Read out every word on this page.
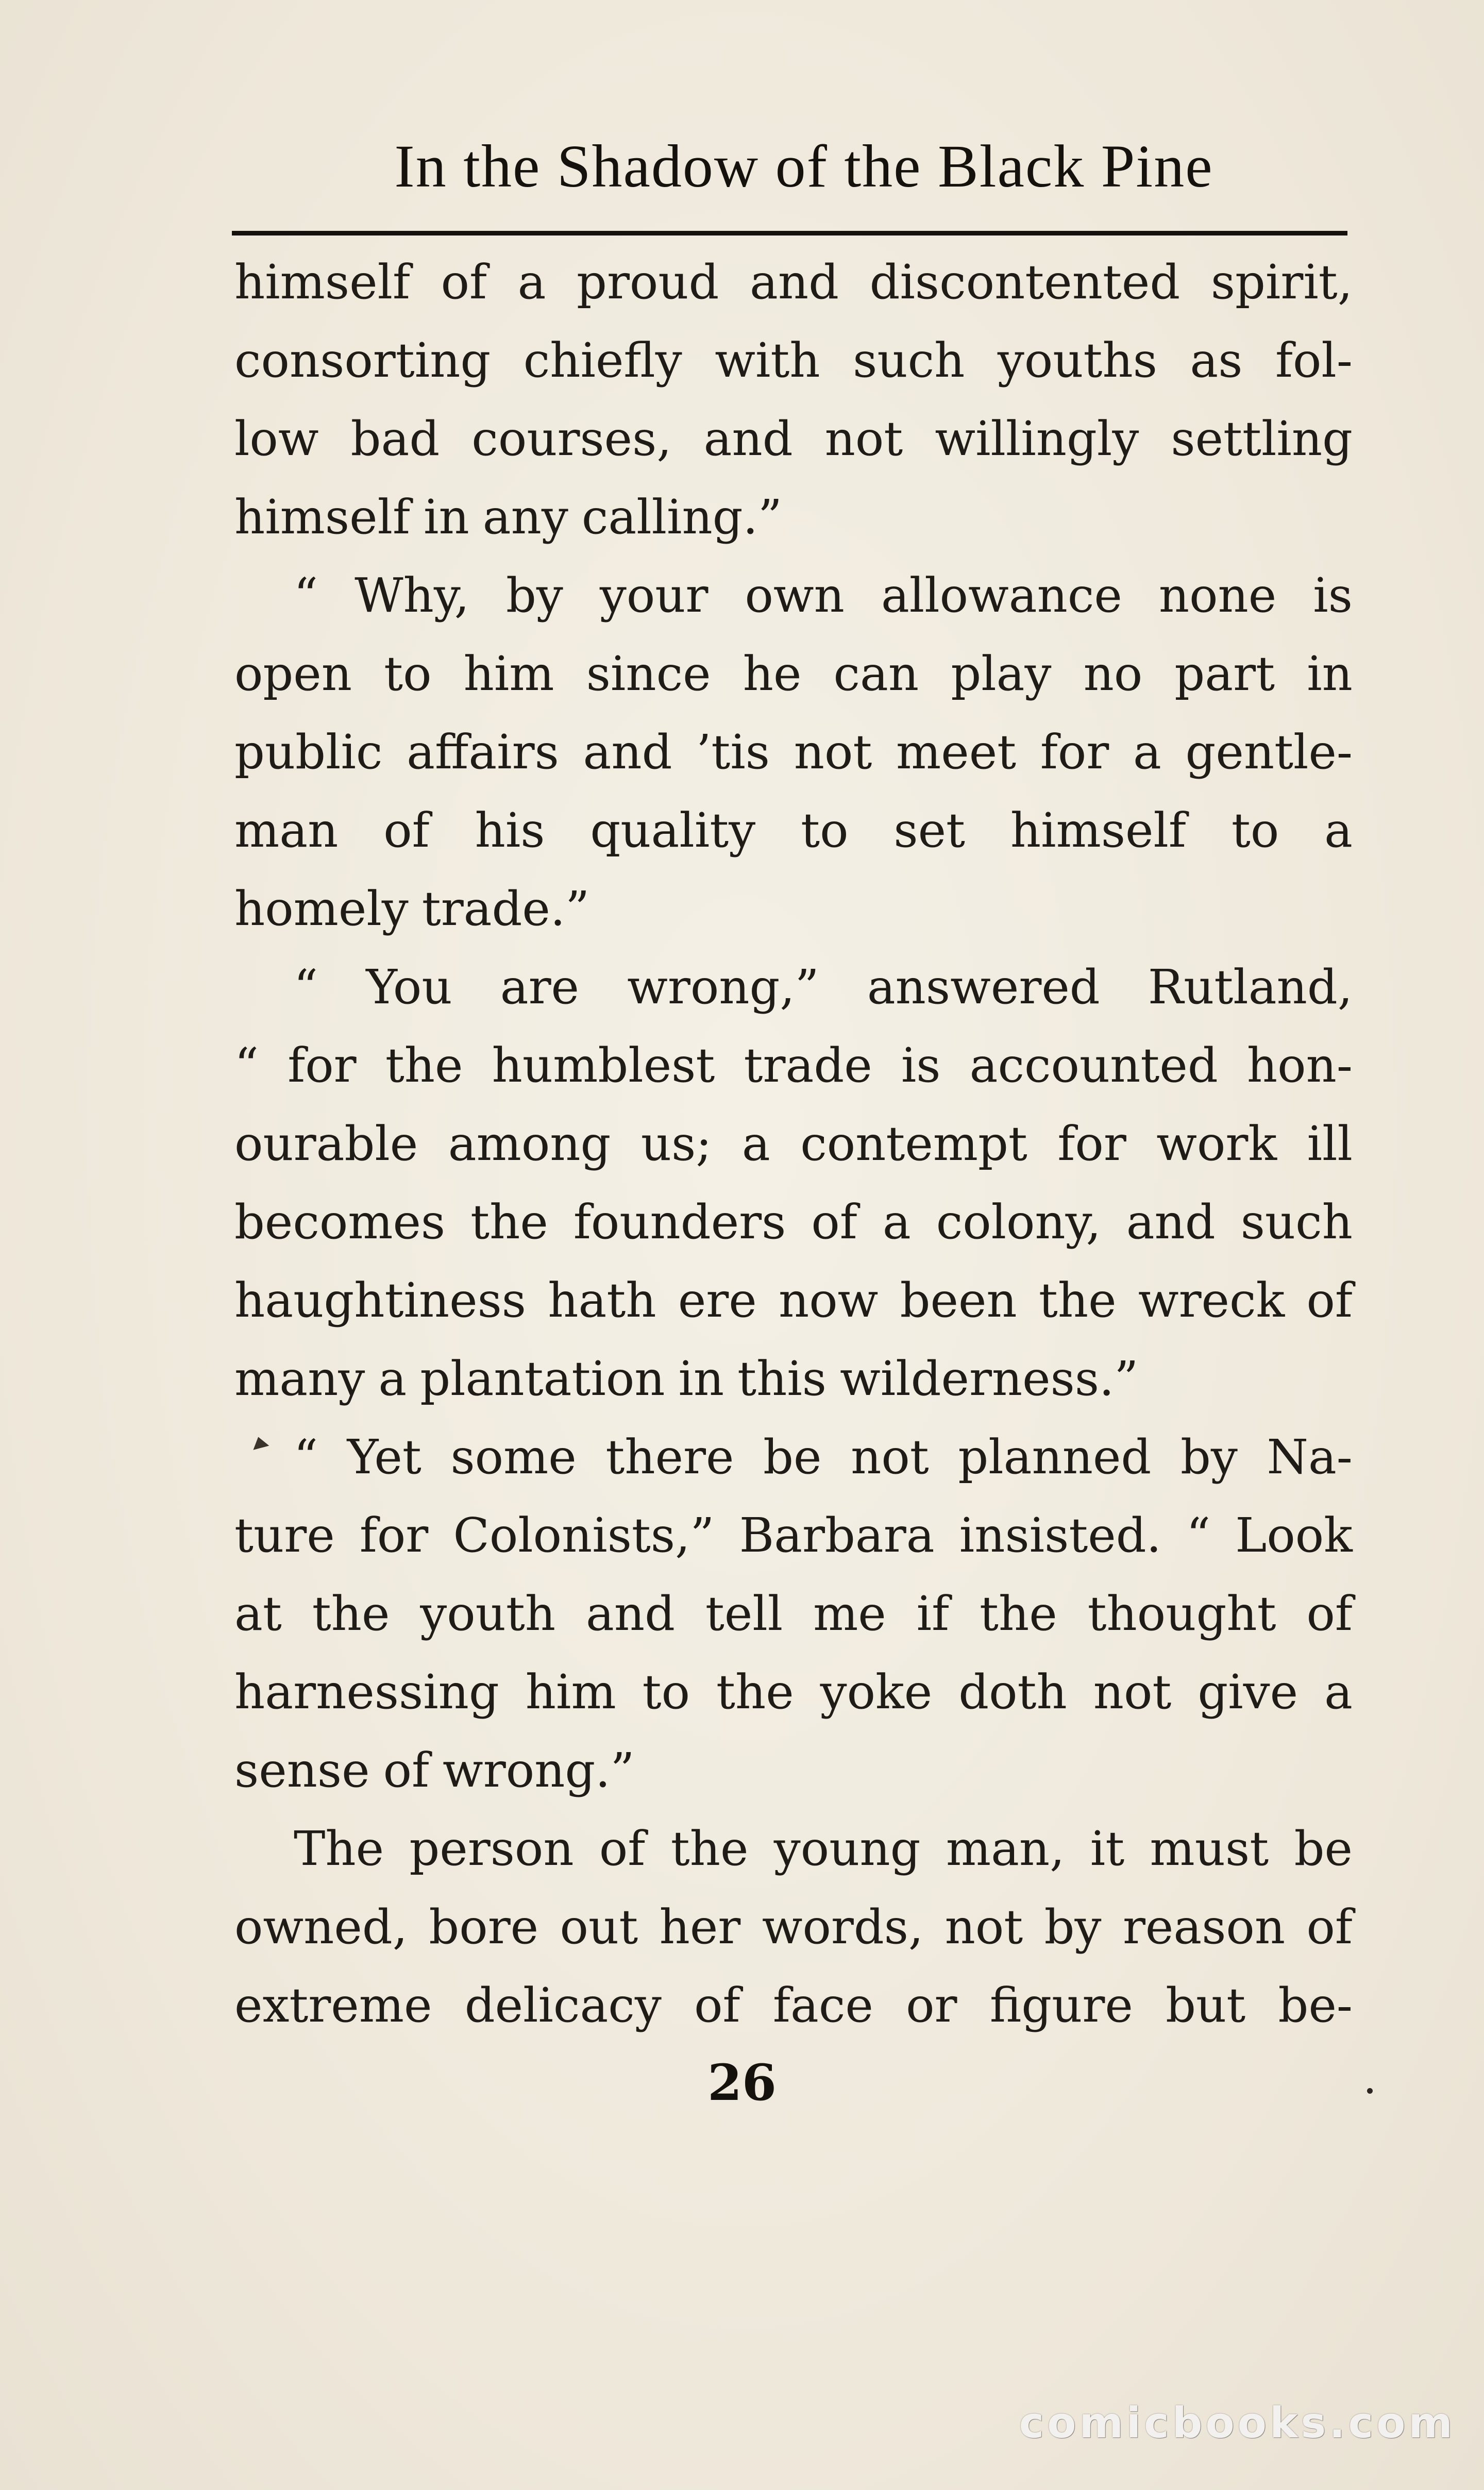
In the Shadow of the Black Pine
himself of a proud and discontented spirit,
consorting chiefly with such youths as fol-
low bad courses, and not willingly settling
himself in any calling.”
“ Why, by your own allowance none is
open to him since he can play no part in
public affairs and ’tis not meet for a gentle-
man of his quality to set himself to a
homely trade.”
“ You are wrong,” answered Rutland,
“ for the humblest trade is accounted hon-
ourable among us; a contempt for work ill
becomes the founders of a colony, and such
haughtiness hath ere now been the wreck of
many a plantation in this wilderness.”
“ Yet some there be not planned by Na-
ture for Colonists,” Barbara insisted. “ Look
at the youth and tell me if the thought of
harnessing him to the yoke doth not give a
sense of wrong.”
The person of the young man, it must be
owned, bore out her words, not by reason of
extreme delicacy of face or figure but be-
26
comicbooks.com
